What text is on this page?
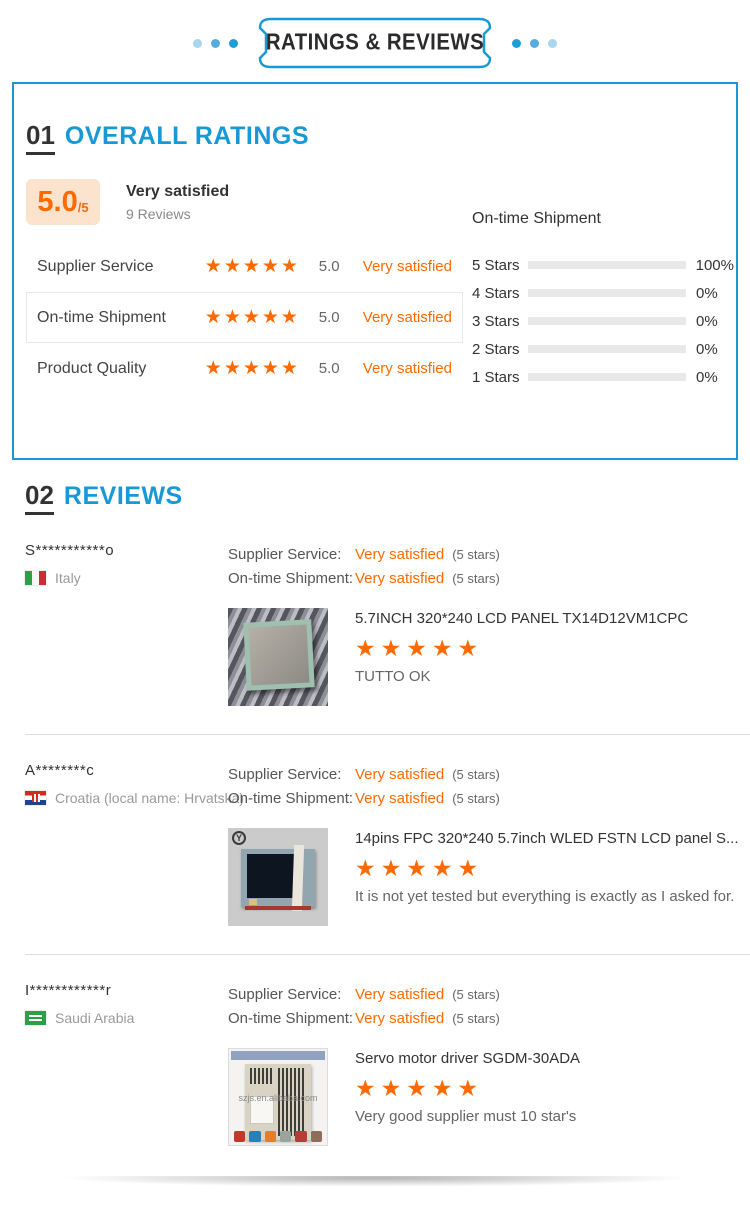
RATINGS & REVIEWS
01 OVERALL RATINGS
5.0 /5
Very satisfied
9 Reviews
Supplier Service	★★★★★	5.0	Very satisfied
On-time Shipment	★★★★★	5.0	Very satisfied
Product Quality	★★★★★	5.0	Very satisfied
On-time Shipment
5 Stars	100%
4 Stars	0%
3 Stars	0%
2 Stars	0%
1 Stars	0%
02 REVIEWS
S***********o
Italy
Supplier Service: Very satisfied (5 stars)
On-time Shipment: Very satisfied (5 stars)
5.7INCH 320*240 LCD PANEL TX14D12VM1CPC
★★★★★
TUTTO OK
A********c
Croatia (local name: Hrvatska)
Supplier Service: Very satisfied (5 stars)
On-time Shipment: Very satisfied (5 stars)
Y	14pins FPC 320*240 5.7inch WLED FSTN LCD panel S...
★★★★★
It is not yet tested but everything is exactly as I asked for.
I************r
Saudi Arabia
Supplier Service: Very satisfied (5 stars)
On-time Shipment: Very satisfied (5 stars)
szjs.en.alibaba.com
Servo motor driver SGDM-30ADA
★★★★★
Very good supplier must 10 star's
